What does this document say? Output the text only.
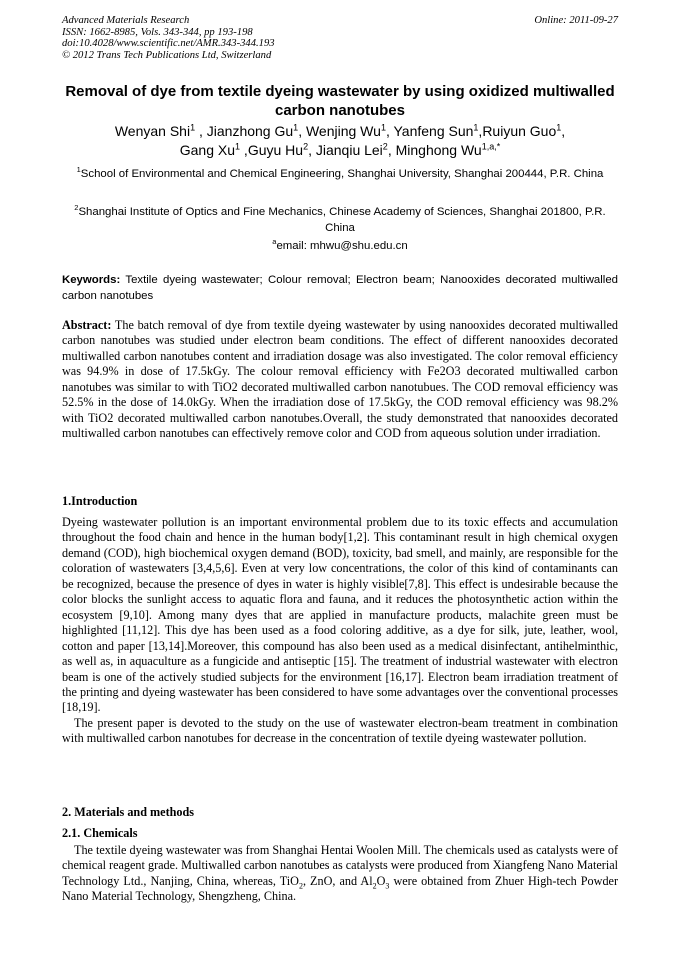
Advanced Materials Research
ISSN: 1662-8985, Vols. 343-344, pp 193-198
doi:10.4028/www.scientific.net/AMR.343-344.193
© 2012 Trans Tech Publications Ltd, Switzerland
Online: 2011-09-27
Removal of dye from textile dyeing wastewater by using oxidized multiwalled carbon nanotubes
Wenyan Shi$^1$ , Jianzhong Gu$^1$, Wenjing Wu$^1$, Yanfeng Sun$^1$,Ruiyun Guo$^1$,
Gang Xu$^1$ ,Guyu Hu$^2$, Jianqiu Lei$^2$, Minghong $Wu^{1,a,*}$
$^1$School of Environmental and Chemical Engineering, Shanghai University, Shanghai 200444, P.R. China
$^2$Shanghai Institute of Optics and Fine Mechanics, Chinese Academy of Sciences, Shanghai 201800, P.R. China
$^a$email: mhwu@shu.edu.cn
Keywords: Textile dyeing wastewater; Colour removal; Electron beam; Nanooxides decorated multiwalled carbon nanotubes
Abstract: The batch removal of dye from textile dyeing wastewater by using nanooxides decorated multiwalled carbon nanotubes was studied under electron beam conditions. The effect of different nanooxides decorated multiwalled carbon nanotubes content and irradiation dosage was also investigated. The color removal efficiency was 94.9% in dose of 17.5kGy. The colour removal efficiency with Fe2O3 decorated multiwalled carbon nanotubes was similar to with TiO2 decorated multiwalled carbon nanotubues. The COD removal efficiency was 52.5% in the dose of 14.0kGy. When the irradiation dose of 17.5kGy, the COD removal efficiency was 98.2% with TiO2 decorated multiwalled carbon nanotubes.Overall, the study demonstrated that nanooxides decorated multiwalled carbon nanotubes can effectively remove color and COD from aqueous solution under irradiation.
1.Introduction

Dyeing wastewater pollution is an important environmental problem due to its toxic effects and accumulation throughout the food chain and hence in the human body[1,2]. This contaminant result in high chemical oxygen demand (COD), high biochemical oxygen demand (BOD), toxicity, bad smell, and mainly, are responsible for the coloration of wastewaters [3,4,5,6]. Even at very low concentrations, the color of this kind of contaminants can be recognized, because the presence of dyes in water is highly visible[7,8]. This effect is undesirable because the color blocks the sunlight access to aquatic flora and fauna, and it reduces the photosynthetic action within the ecosystem [9,10]. Among many dyes that are applied in manufacture products, malachite green must be highlighted [11,12]. This dye has been used as a food coloring additive, as a dye for silk, jute, leather, wool, cotton and paper [13,14].Moreover, this compound has also been used as a medical disinfectant, antihelminthic, as well as, in aquaculture as a fungicide and antiseptic [15]. The treatment of industrial wastewater with electron beam is one of the actively studied subjects for the environment [16,17]. Electron beam irradiation treatment of the printing and dyeing wastewater has been considered to have some advantages over the conventional processes [18,19].

The present paper is devoted to the study on the use of wastewater electron-beam treatment in combination with multiwalled carbon nanotubes for decrease in the concentration of textile dyeing wastewater pollution.

2. Materials and methods
2.1. Chemicals
The textile dyeing wastewater was from Shanghai Hentai Woolen Mill. The chemicals used as catalysts were of chemical reagent grade. Multiwalled carbon nanotubes as catalysts were produced from Xiangfeng Nano Material Technology Ltd., Nanjing, China, whereas, TiO$_2$, ZnO, and $Al_2O_3$ were obtained from Zhuer High-tech Powder Nano Material Technology, Shengzheng, China.
